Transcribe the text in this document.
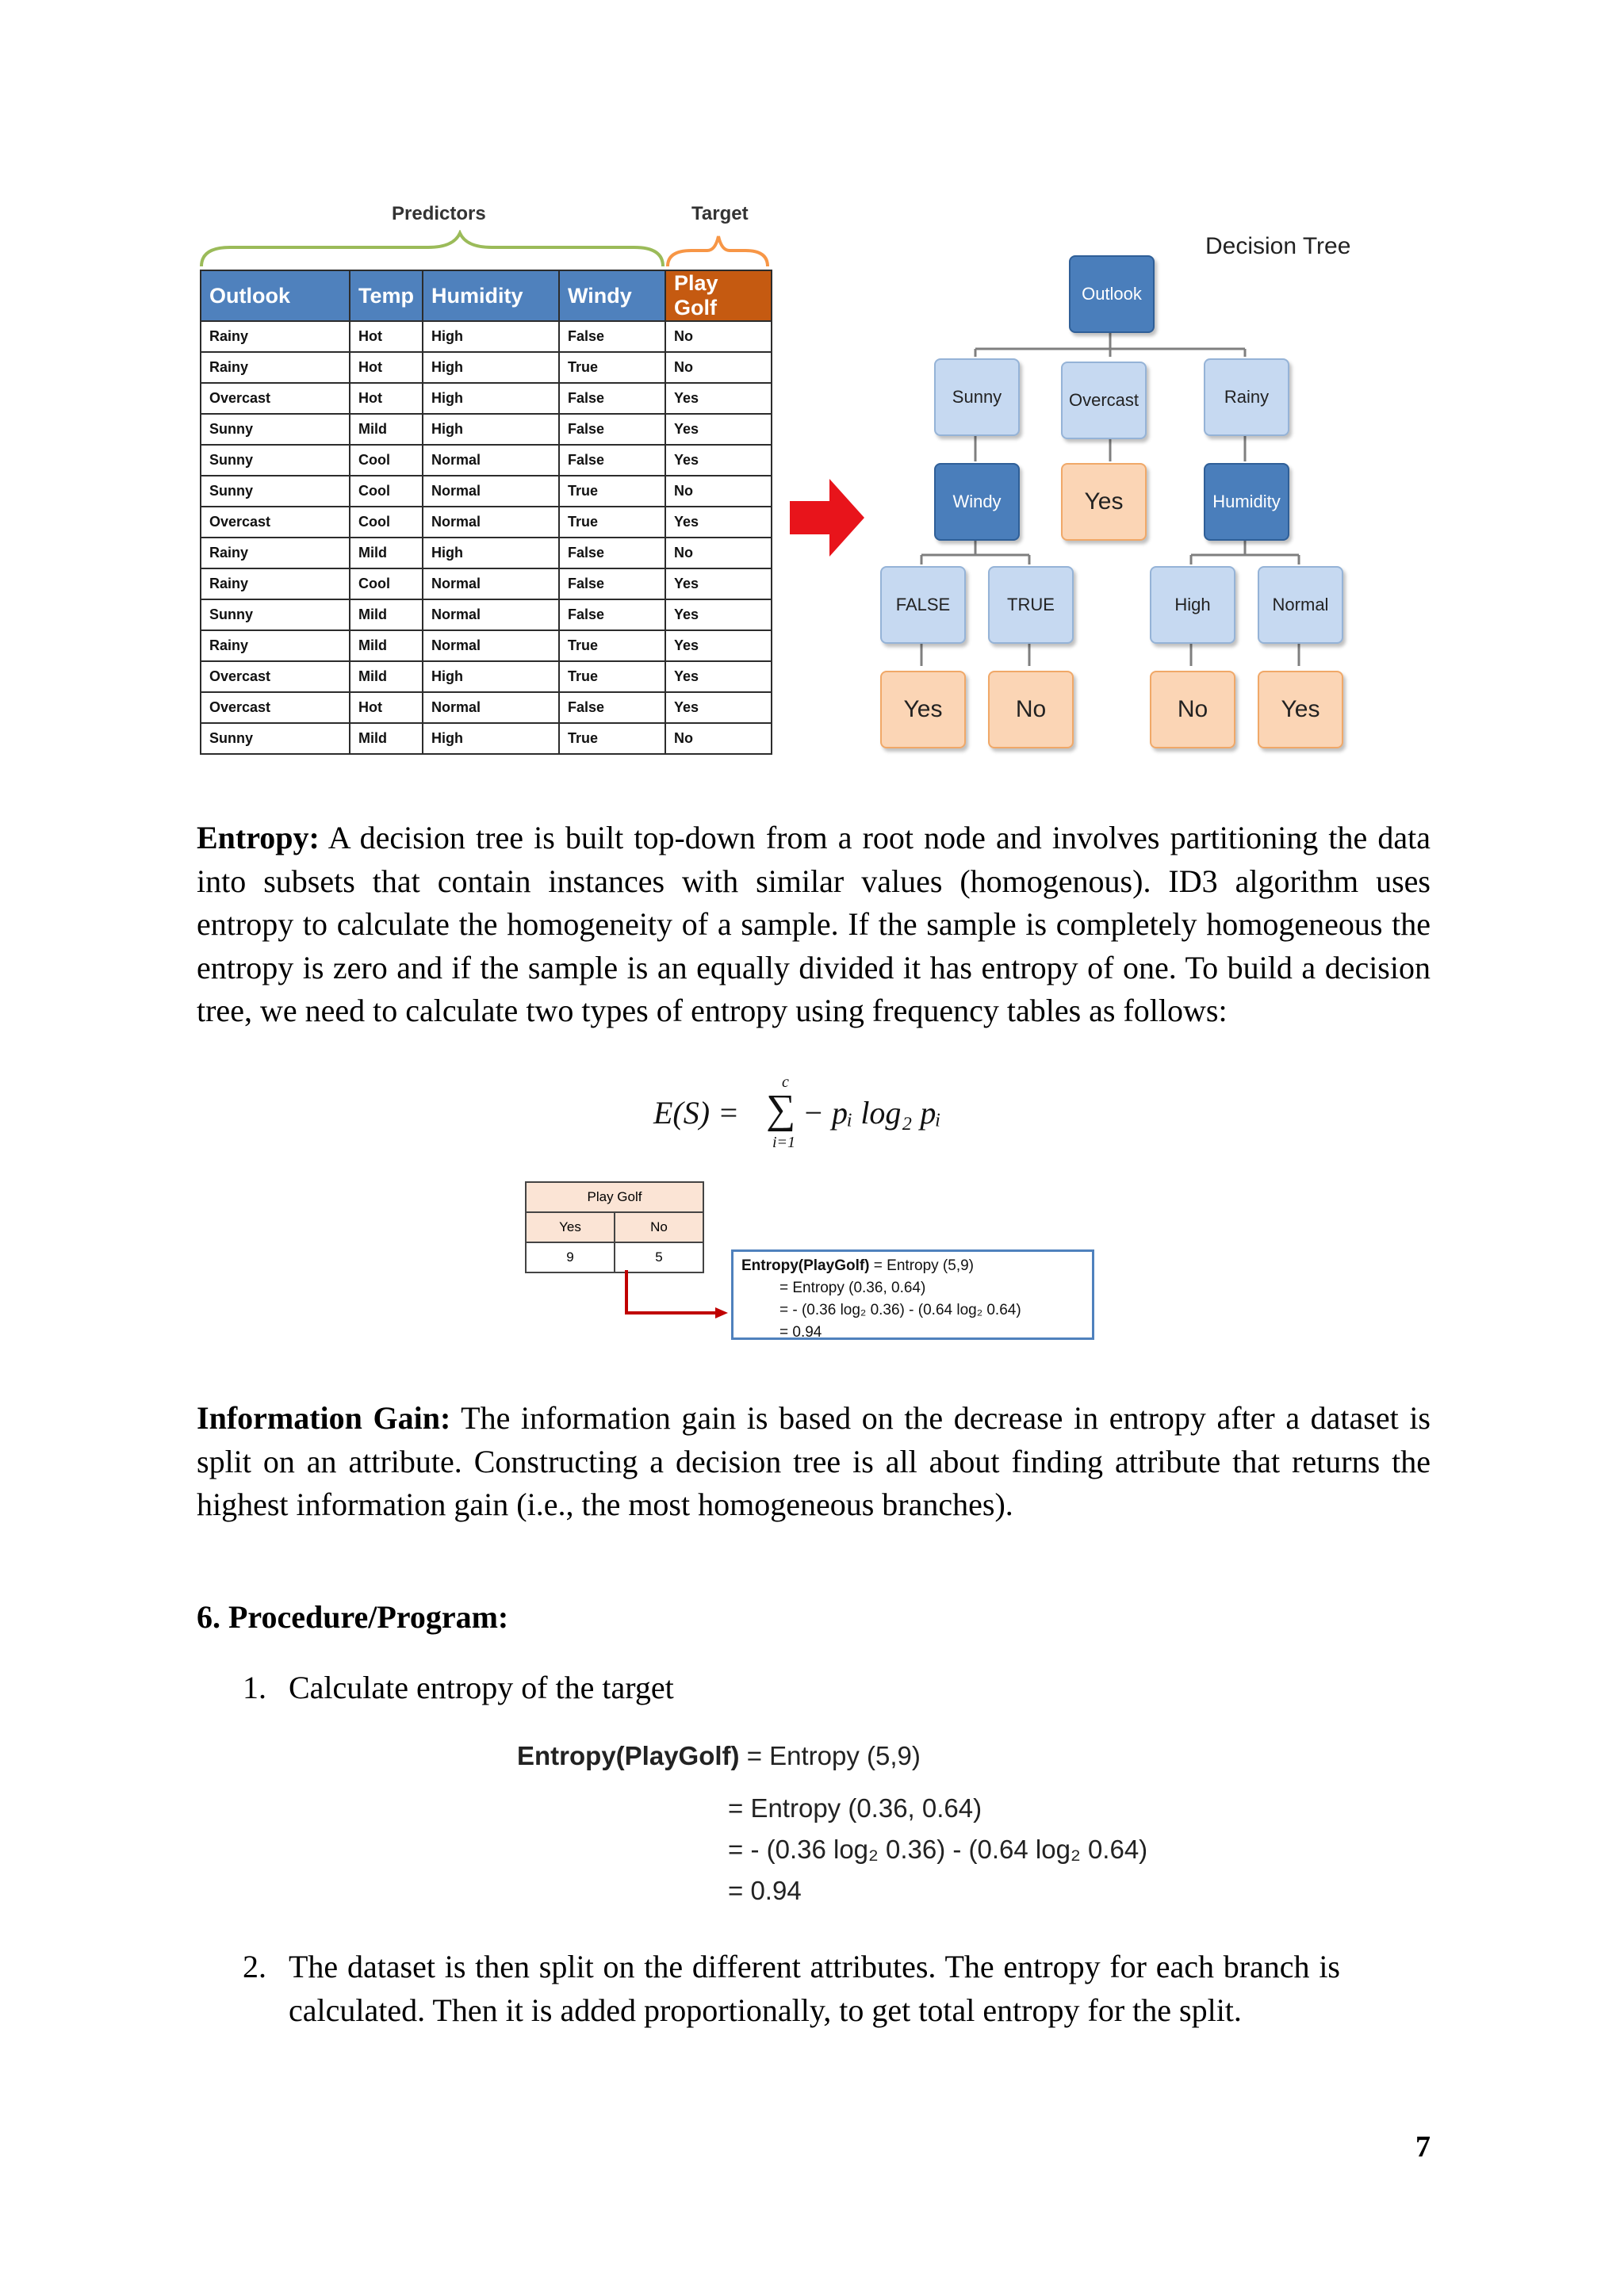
Predictors	Target
Outlook	Temp	Humidity	Windy	Play Golf
Rainy	Hot	High	False	No
Rainy	Hot	High	True	No
Overcast	Hot	High	False	Yes
Sunny	Mild	High	False	Yes
Sunny	Cool	Normal	False	Yes
Sunny	Cool	Normal	True	No
Overcast	Cool	Normal	True	Yes
Rainy	Mild	High	False	No
Rainy	Cool	Normal	False	Yes
Sunny	Mild	Normal	False	Yes
Rainy	Mild	Normal	True	Yes
Overcast	Mild	High	True	Yes
Overcast	Hot	Normal	False	Yes
Sunny	Mild	High	True	No
Decision Tree
Outlook
Sunny	Overcast	Rainy
Windy	Yes	Humidity
FALSE	TRUE	High	Normal
Yes	No	No	Yes

Entropy: A decision tree is built top-down from a root node and involves partitioning the data into subsets that contain instances with similar values (homogenous). ID3 algorithm uses entropy to calculate the homogeneity of a sample. If the sample is completely homogeneous the entropy is zero and if the sample is an equally divided it has entropy of one. To build a decision tree, we need to calculate two types of entropy using frequency tables as follows:

E(S) = ∑
c
i=1
− pᵢ log₂ pᵢ
Play Golf	
Yes	No
9	5
Entropy(PlayGolf) = Entropy (5,9)
= Entropy (0.36, 0.64)
= - (0.36 log₂ 0.36) - (0.64 log₂ 0.64)
= 0.94

Information Gain: The information gain is based on the decrease in entropy after a dataset is split on an attribute. Constructing a decision tree is all about finding attribute that returns the highest information gain (i.e., the most homogeneous branches).

6. Procedure/Program:
1. Calculate entropy of the target
Entropy(PlayGolf) = Entropy (5,9)
= Entropy (0.36, 0.64)
= - (0.36 log₂ 0.36) - (0.64 log₂ 0.64)
= 0.94
2. The dataset is then split on the different attributes. The entropy for each branch is calculated. Then it is added proportionally, to get total entropy for the split.
7
